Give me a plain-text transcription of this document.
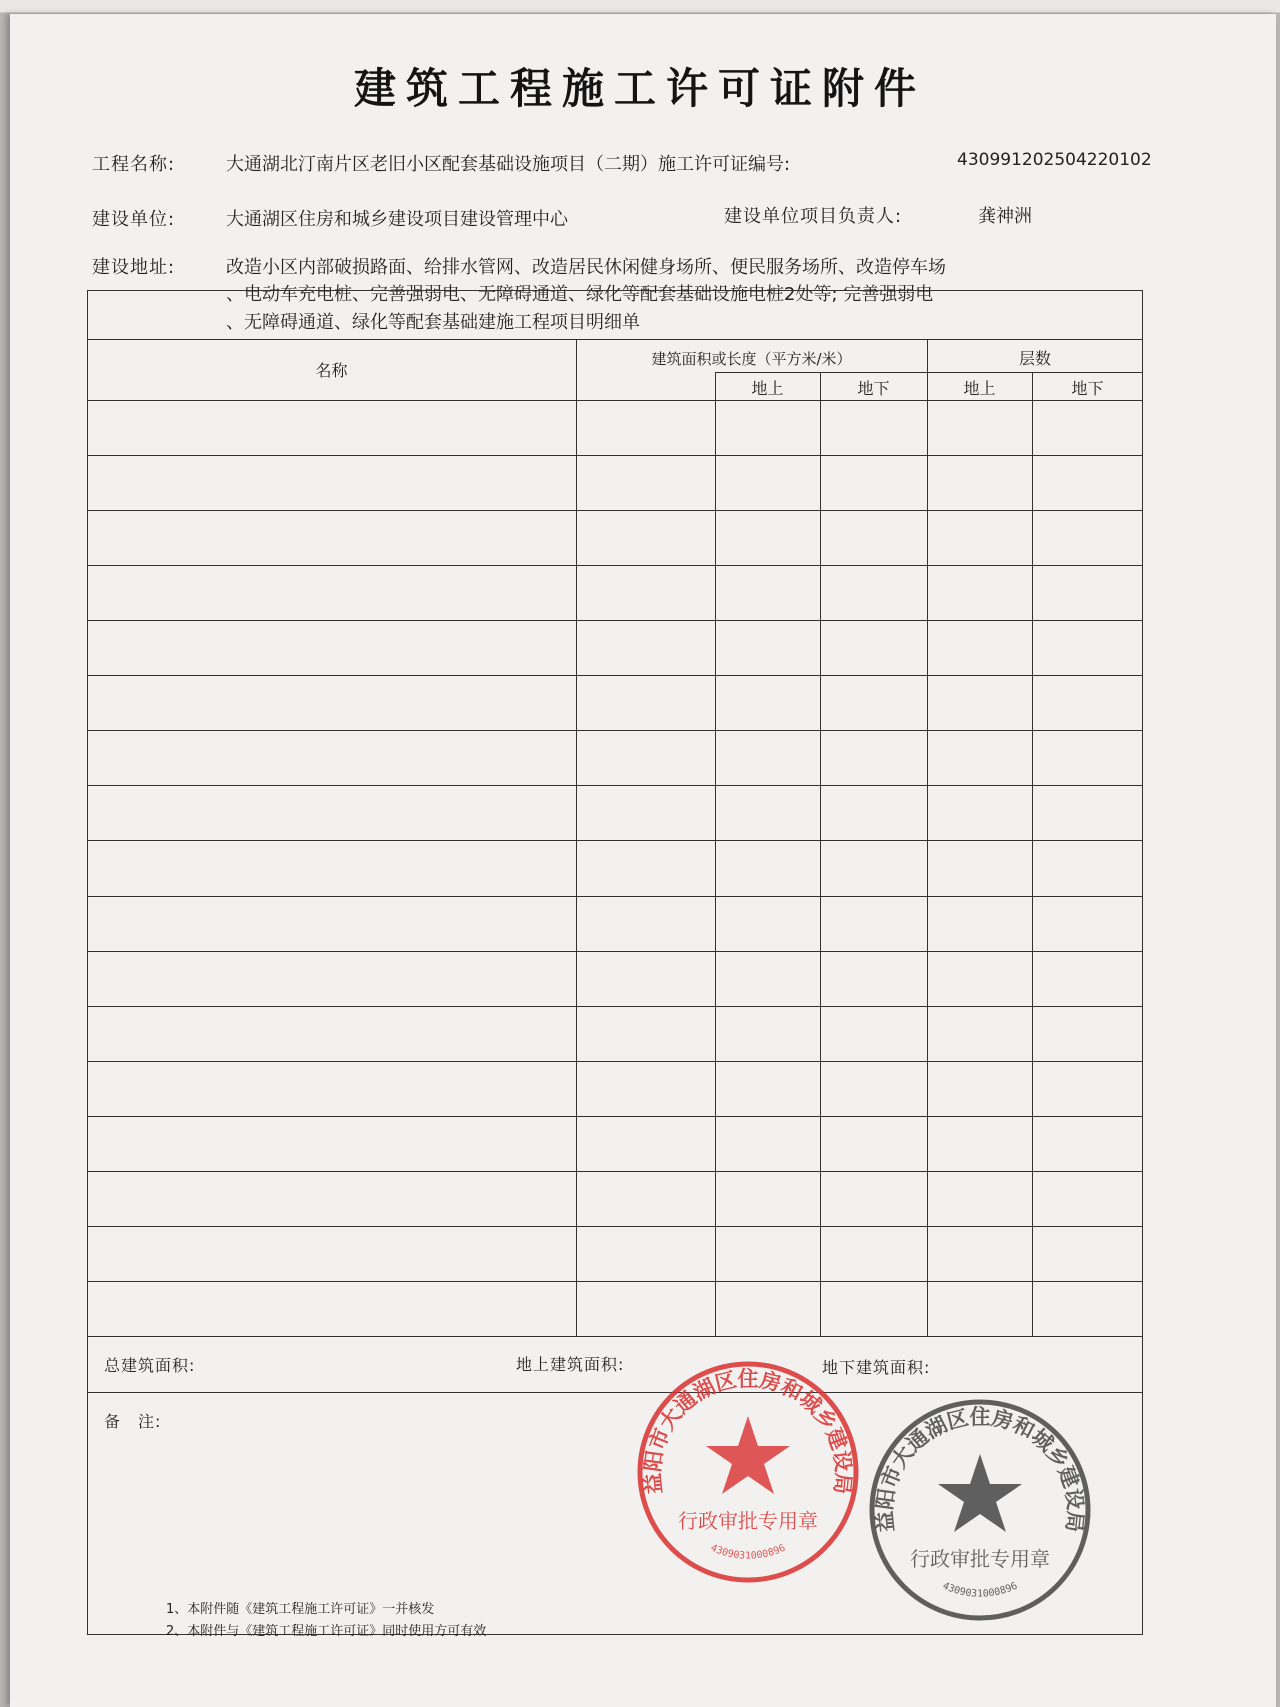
建筑工程施工许可证附件
工程名称:	大通湖北汀南片区老旧小区配套基础设施项目（二期）施工许可证编号:	430991202504220102
建设单位:	大通湖区住房和城乡建设项目建设管理中心	建设单位项目负责人:	龚神洲
建设地址:	改造小区内部破损路面、给排水管网、改造居民休闲健身场所、便民服务场所、改造停车场
、电动车充电桩、完善强弱电、无障碍通道、绿化等配套基础设施电桩2处等; 完善强弱电
、无障碍通道、绿化等配套基础建施工程项目明细单
名称
建筑面积或长度（平方米/米）	层数
地上	地下	地上	地下
总建筑面积:	地上建筑面积:	地下建筑面积:
备　注:
1、本附件随《建筑工程施工许可证》一并核发
2、本附件与《建筑工程施工许可证》同时使用方可有效
益阳市大通湖区住房和城乡建设局
行政审批专用章
4309031000896
益阳市大通湖区住房和城乡建设局
行政审批专用章
4309031000896
